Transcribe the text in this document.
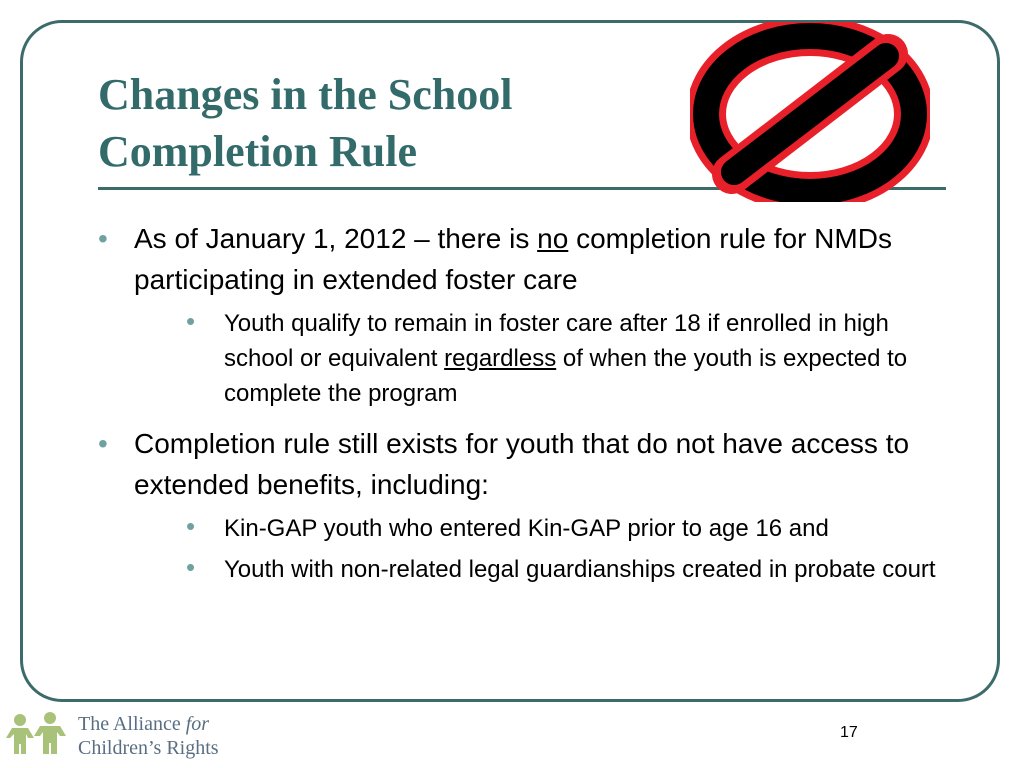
Changes in the School
Completion Rule
• As of January 1, 2012 – there is no completion rule for NMDs participating in extended foster care
• Youth qualify to remain in foster care after 18 if enrolled in high school or equivalent regardless of when the youth is expected to complete the program
• Completion rule still exists for youth that do not have access to extended benefits, including:
• Kin-GAP youth who entered Kin-GAP prior to age 16 and
• Youth with non-related legal guardianships created in probate court
The Alliance for
Children’s Rights
17
